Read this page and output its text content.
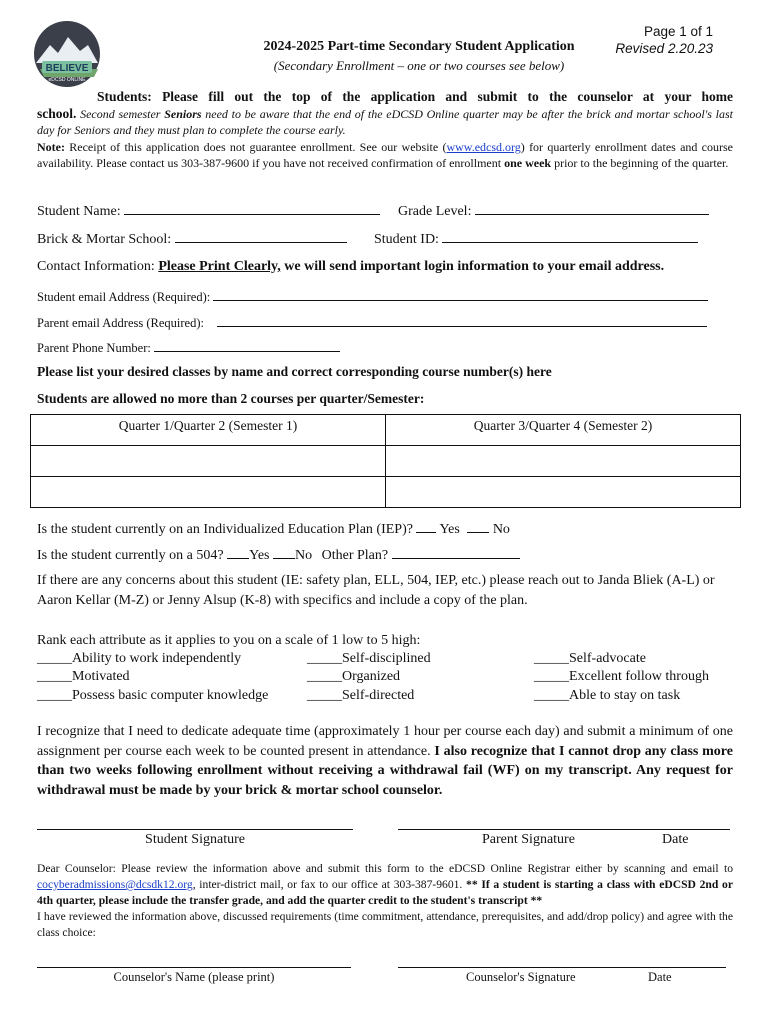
BELIEVE
eDCSD ONLINE
2024-2025 Part-time Secondary Student Application
(Secondary Enrollment – one or two courses see below)
Page 1 of 1
Revised 2.20.23
Students: Please fill out the top of the application and submit to the counselor at your home
school. Second semester Seniors need to be aware that the end of the eDCSD Online quarter may be after the brick and mortar school's last day for Seniors and they must plan to complete the course early.
Note: Receipt of this application does not guarantee enrollment. See our website (www.edcsd.org) for quarterly enrollment dates and course availability. Please contact us 303-387-9600 if you have not received confirmation of enrollment one week prior to the beginning of the quarter.
Student Name:	Grade Level:
Brick & Mortar School:	Student ID:
Contact Information: Please Print Clearly, we will send important login information to your email address.
Student email Address (Required):
Parent email Address (Required):
Parent Phone Number:
Please list your desired classes by name and correct corresponding course number(s) here
Students are allowed no more than 2 courses per quarter/Semester:
Quarter 1/Quarter 2 (Semester 1)	Quarter 3/Quarter 4 (Semester 2)

Is the student currently on an Individualized Education Plan (IEP)? Yes No
Is the student currently on a 504? Yes No Other Plan?
If there are any concerns about this student (IE: safety plan, ELL, 504, IEP, etc.) please reach out to Janda Bliek (A-L) or Aaron Kellar (M-Z) or Jenny Alsup (K-8) with specifics and include a copy of the plan.
Rank each attribute as it applies to you on a scale of 1 low to 5 high:
_____Ability to work independently	_____Self-disciplined	_____Self-advocate
_____Motivated	_____Organized	_____Excellent follow through
_____Possess basic computer knowledge	_____Self-directed	_____Able to stay on task
I recognize that I need to dedicate adequate time (approximately 1 hour per course each day) and submit a minimum of one assignment per course each week to be counted present in attendance. I also recognize that I cannot drop any class more than two weeks following enrollment without receiving a withdrawal fail (WF) on my transcript. Any request for withdrawal must be made by your brick & mortar school counselor.
Student Signature	Parent Signature	Date
Dear Counselor: Please review the information above and submit this form to the eDCSD Online Registrar either by scanning and email to cocyberadmissions@dcsdk12.org, inter-district mail, or fax to our office at 303-387-9601. ** If a student is starting a class with eDCSD 2nd or 4th quarter, please include the transfer grade, and add the quarter credit to the student's transcript **
I have reviewed the information above, discussed requirements (time commitment, attendance, prerequisites, and add/drop policy) and agree with the class choice:
Counselor's Name (please print)	Counselor's Signature	Date
